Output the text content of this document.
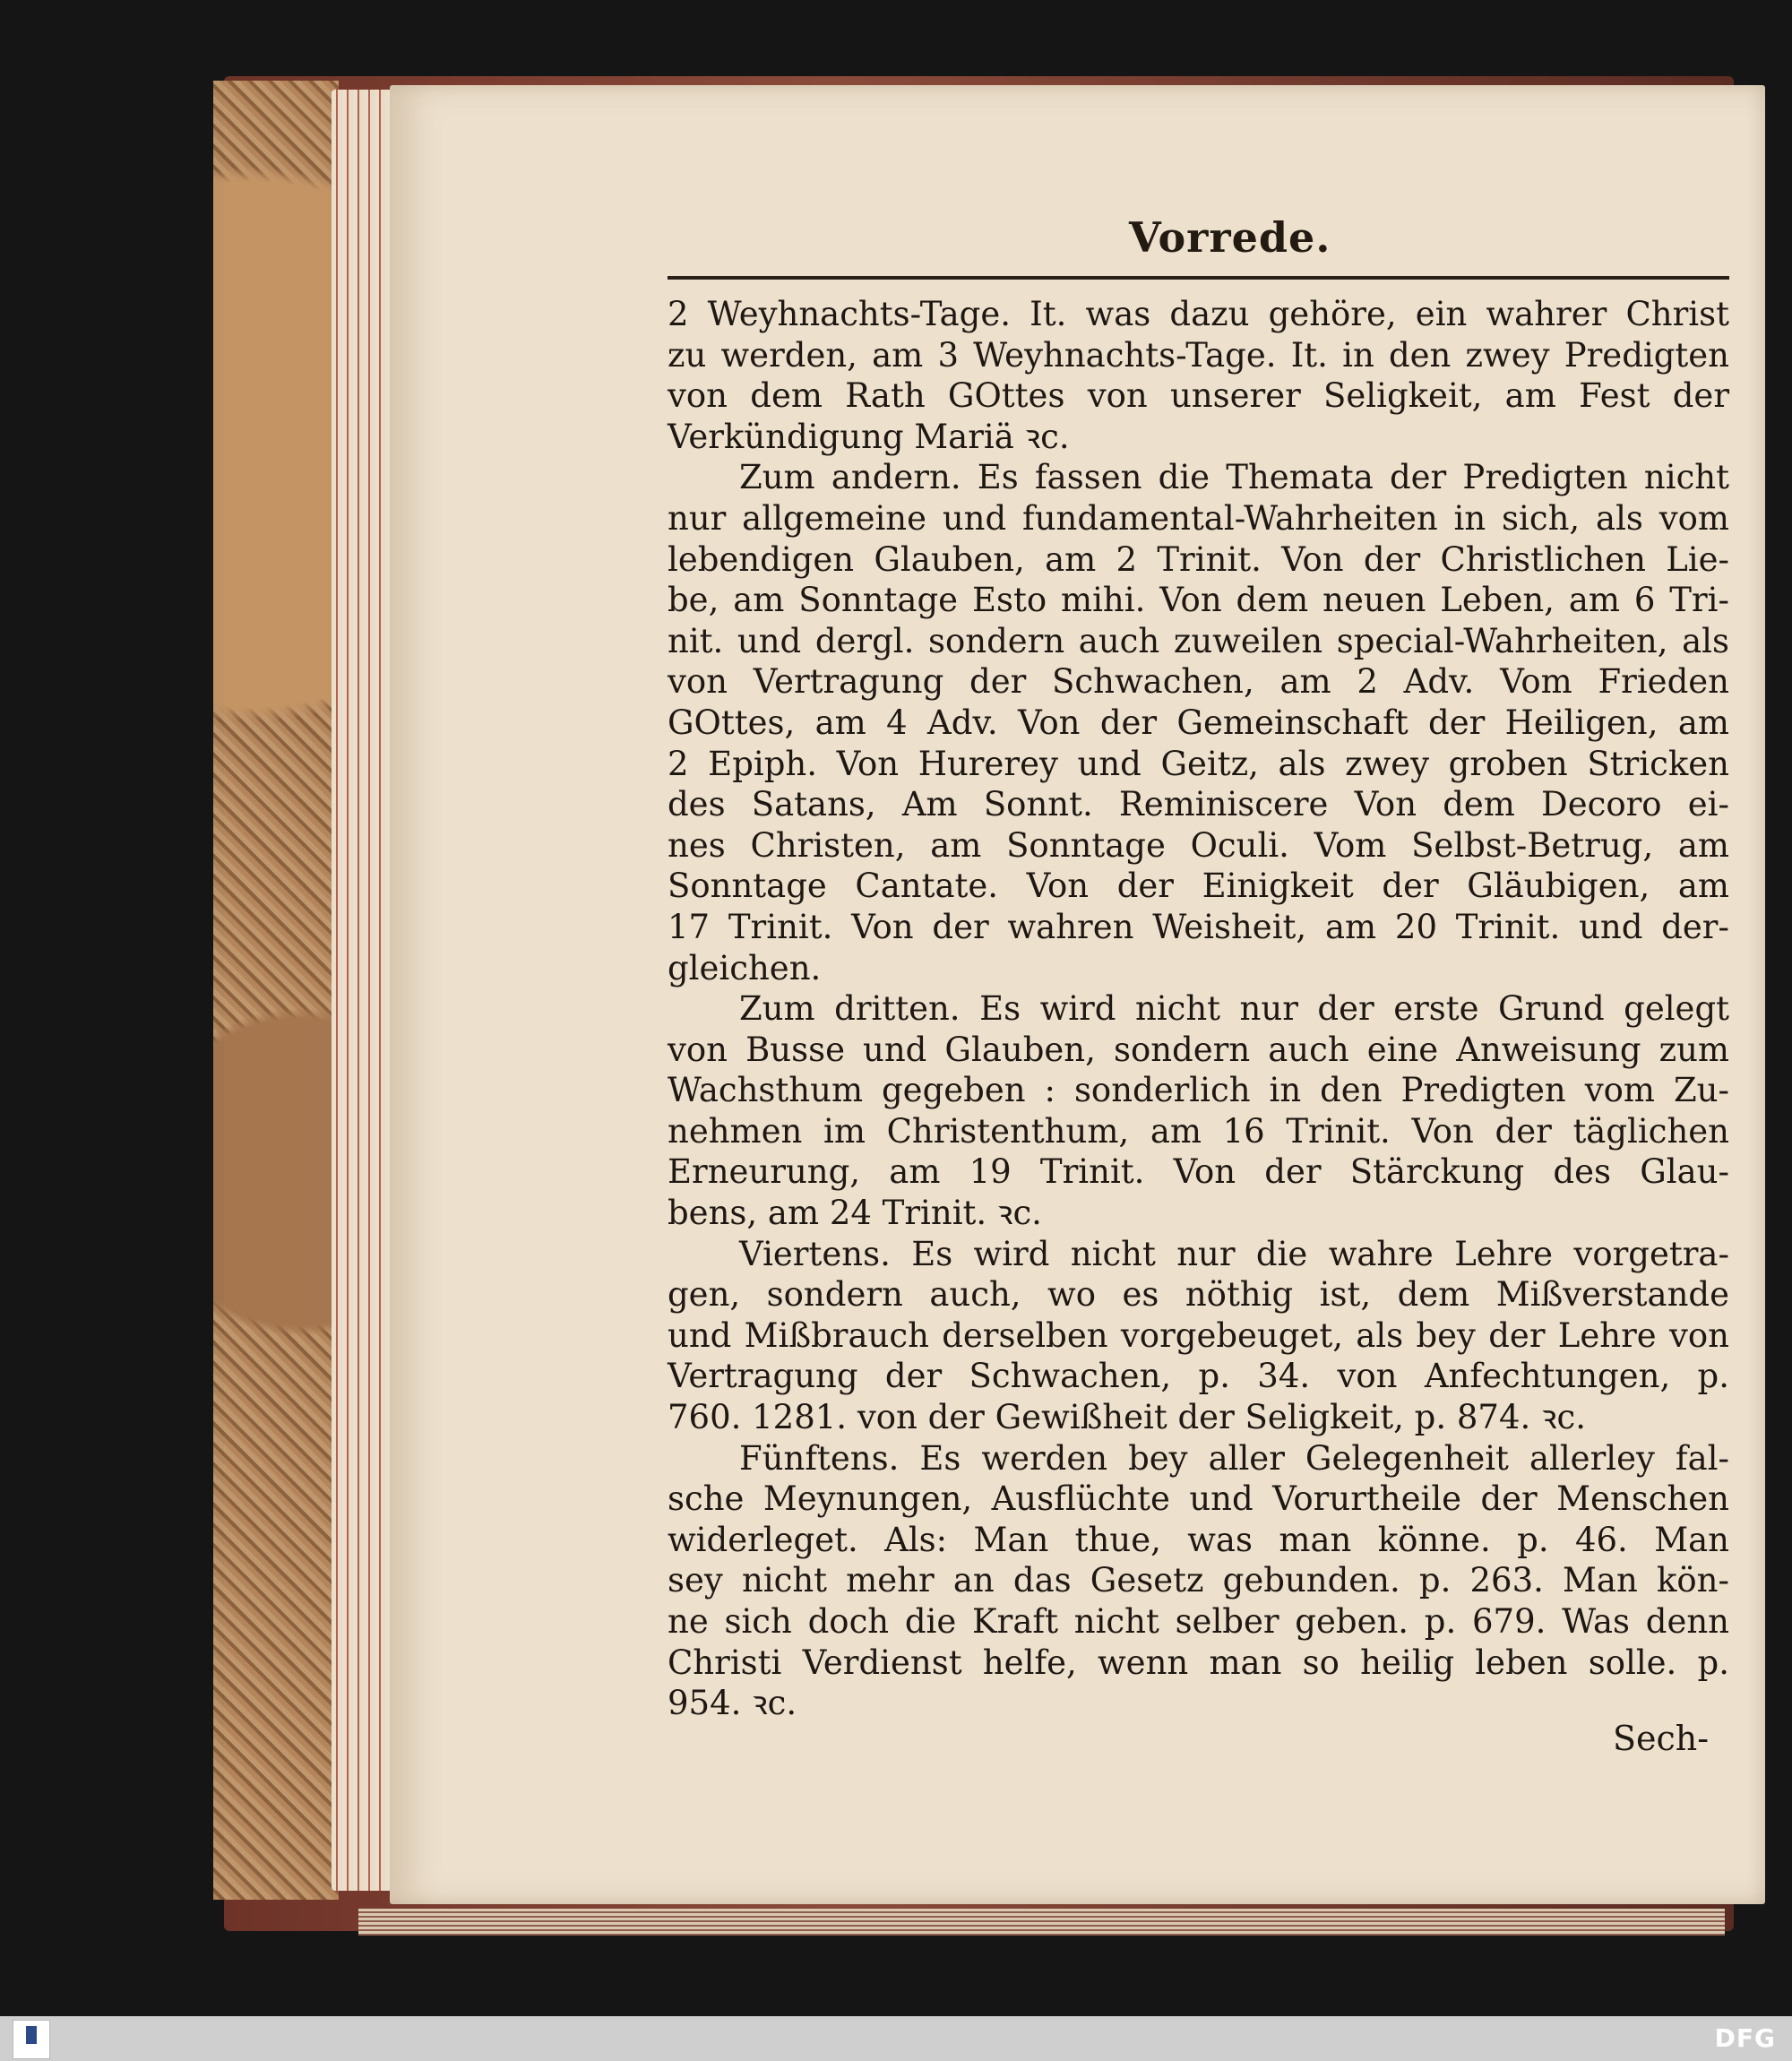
Vorrede.
2 Weyhnachts-Tage. It. was dazu gehöre, ein wahrer Christ
zu werden, am 3 Weyhnachts-Tage. It. in den zwey Predigten
von dem Rath GOttes von unserer Seligkeit, am Fest der
Verkündigung Mariä ꝛc.
Zum andern. Es fassen die Themata der Predigten nicht
nur allgemeine und fundamental-Wahrheiten in sich, als vom
lebendigen Glauben, am 2 Trinit. Von der Christlichen Lie-
be, am Sonntage Esto mihi. Von dem neuen Leben, am 6 Tri-
nit. und dergl. sondern auch zuweilen special-Wahrheiten, als
von Vertragung der Schwachen, am 2 Adv. Vom Frieden
GOttes, am 4 Adv. Von der Gemeinschaft der Heiligen, am
2 Epiph. Von Hurerey und Geitz, als zwey groben Stricken
des Satans, Am Sonnt. Reminiscere Von dem Decoro ei-
nes Christen, am Sonntage Oculi. Vom Selbst-Betrug, am
Sonntage Cantate. Von der Einigkeit der Gläubigen, am
17 Trinit. Von der wahren Weisheit, am 20 Trinit. und der-
gleichen.
Zum dritten. Es wird nicht nur der erste Grund gelegt
von Busse und Glauben, sondern auch eine Anweisung zum
Wachsthum gegeben : sonderlich in den Predigten vom Zu-
nehmen im Christenthum, am 16 Trinit. Von der täglichen
Erneurung, am 19 Trinit. Von der Stärckung des Glau-
bens, am 24 Trinit. ꝛc.
Viertens. Es wird nicht nur die wahre Lehre vorgetra-
gen, sondern auch, wo es nöthig ist, dem Mißverstande
und Mißbrauch derselben vorgebeuget, als bey der Lehre von
Vertragung der Schwachen, p. 34. von Anfechtungen, p.
760. 1281. von der Gewißheit der Seligkeit, p. 874. ꝛc.
Fünftens. Es werden bey aller Gelegenheit allerley fal-
sche Meynungen, Ausflüchte und Vorurtheile der Menschen
widerleget. Als: Man thue, was man könne. p. 46. Man
sey nicht mehr an das Gesetz gebunden. p. 263. Man kön-
ne sich doch die Kraft nicht selber geben. p. 679. Was denn
Christi Verdienst helfe, wenn man so heilig leben solle. p.
954. ꝛc.
Sech-
DFG
